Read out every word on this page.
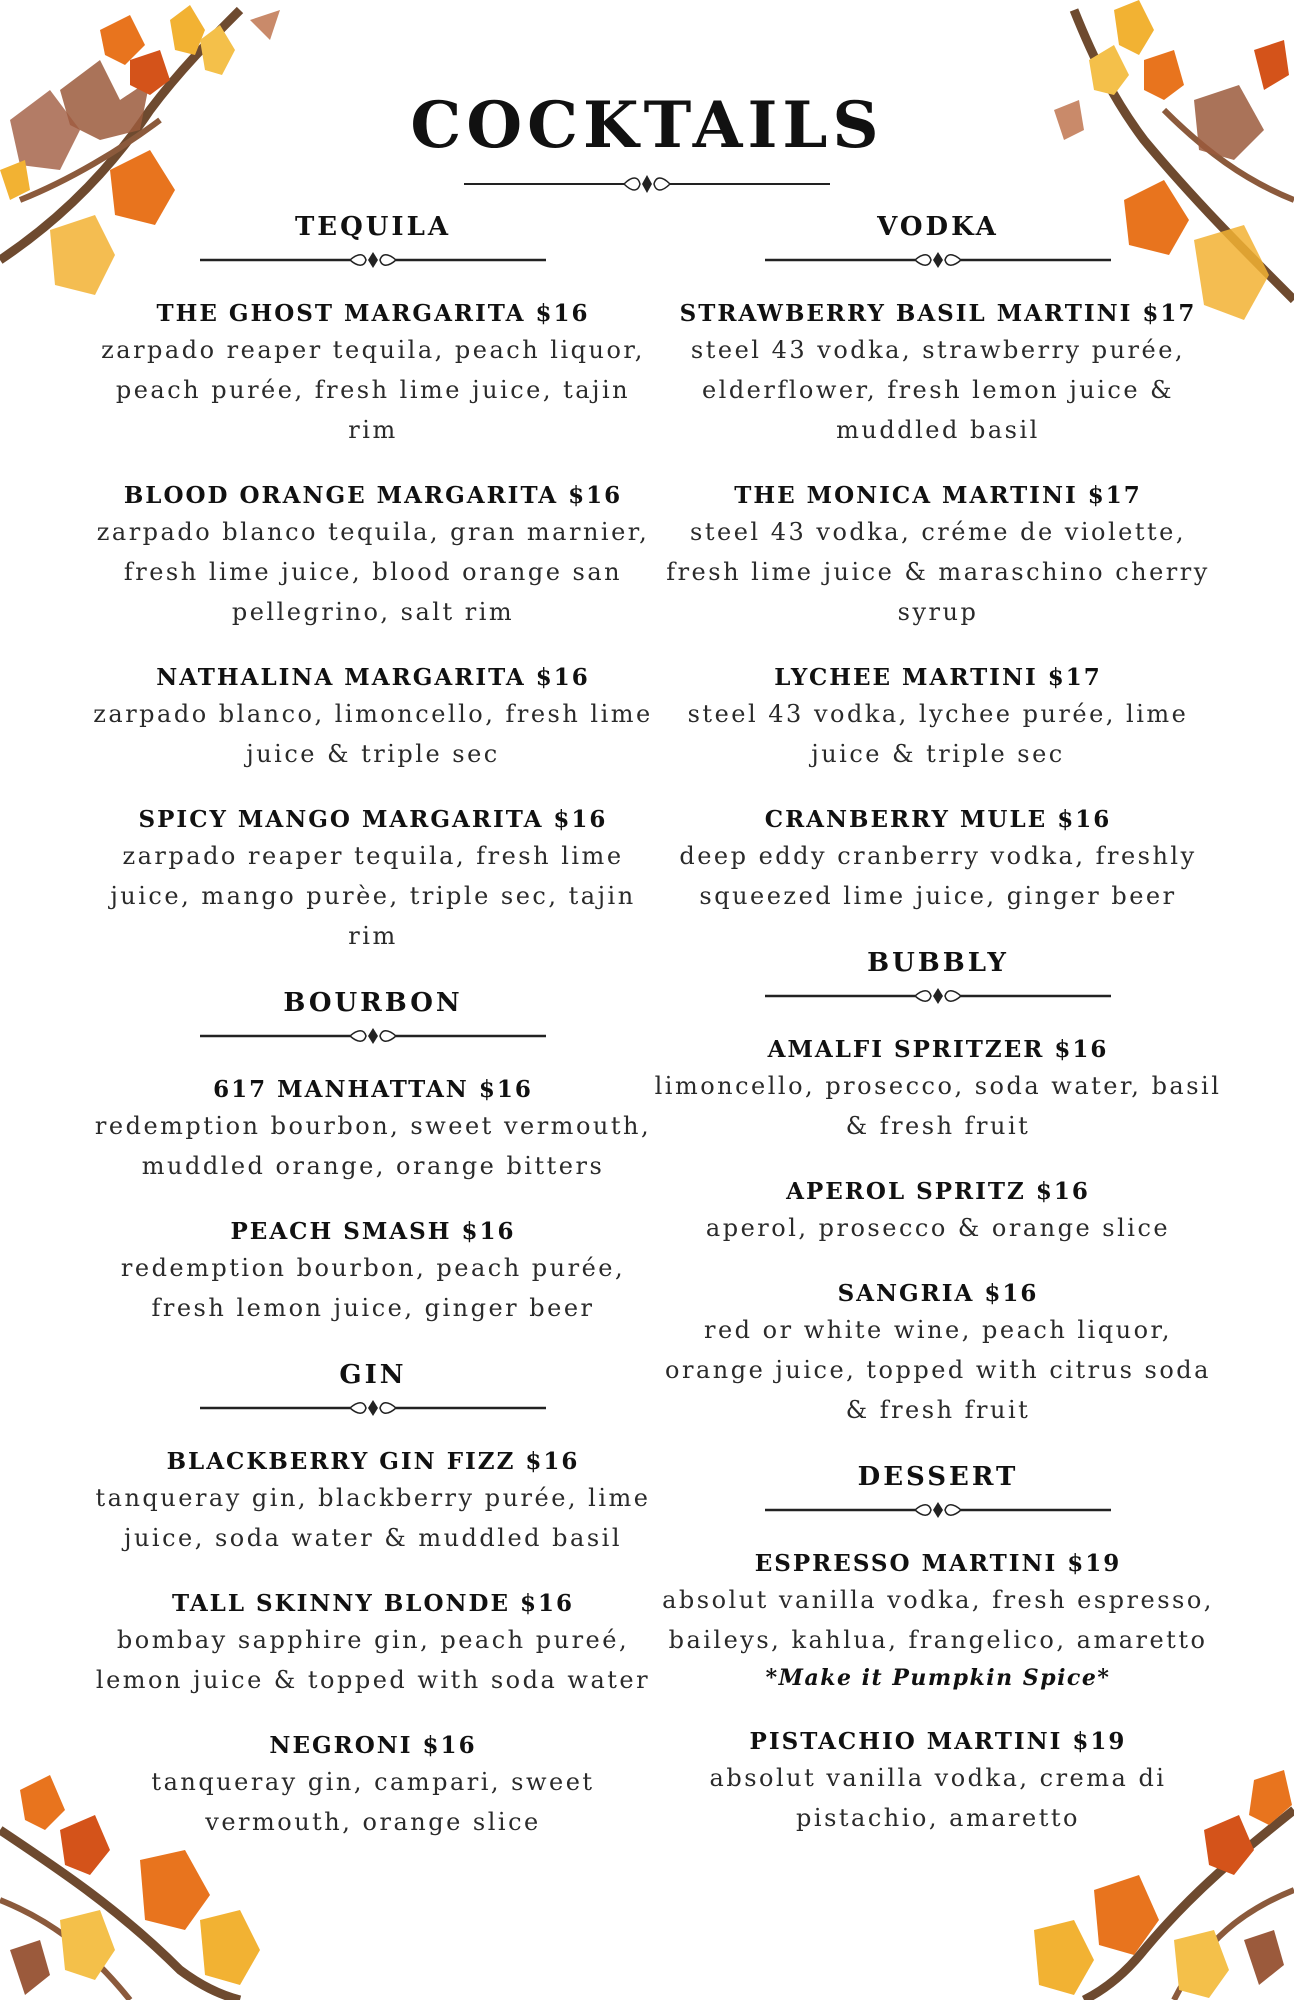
COCKTAILS
TEQUILA
THE GHOST MARGARITA $16
zarpado reaper tequila, peach liquor, peach purée, fresh lime juice, tajin rim
BLOOD ORANGE MARGARITA $16
zarpado blanco tequila, gran marnier, fresh lime juice, blood orange san pellegrino, salt rim
NATHALINA MARGARITA $16
zarpado blanco, limoncello, fresh lime juice & triple sec
SPICY MANGO MARGARITA $16
zarpado reaper tequila, fresh lime juice, mango purèe, triple sec, tajin rim
BOURBON
617 MANHATTAN $16
redemption bourbon, sweet vermouth, muddled orange, orange bitters
PEACH SMASH $16
redemption bourbon, peach purée, fresh lemon juice, ginger beer
GIN
BLACKBERRY GIN FIZZ $16
tanqueray gin, blackberry purée, lime juice, soda water & muddled basil
TALL SKINNY BLONDE $16
bombay sapphire gin, peach pureé, lemon juice & topped with soda water
NEGRONI $16
tanqueray gin, campari, sweet vermouth, orange slice
VODKA
STRAWBERRY BASIL MARTINI $17
steel 43 vodka, strawberry purée, elderflower, fresh lemon juice & muddled basil
THE MONICA MARTINI $17
steel 43 vodka, créme de violette, fresh lime juice & maraschino cherry syrup
LYCHEE MARTINI $17
steel 43 vodka, lychee purée, lime juice & triple sec
CRANBERRY MULE $16
deep eddy cranberry vodka, freshly squeezed lime juice, ginger beer
BUBBLY
AMALFI SPRITZER $16
limoncello, prosecco, soda water, basil & fresh fruit
APEROL SPRITZ $16
aperol, prosecco & orange slice
SANGRIA $16
red or white wine, peach liquor, orange juice, topped with citrus soda & fresh fruit
DESSERT
ESPRESSO MARTINI $19
absolut vanilla vodka, fresh espresso, baileys, kahlua, frangelico, amaretto
*Make it Pumpkin Spice*
PISTACHIO MARTINI $19
absolut vanilla vodka, crema di pistachio, amaretto
